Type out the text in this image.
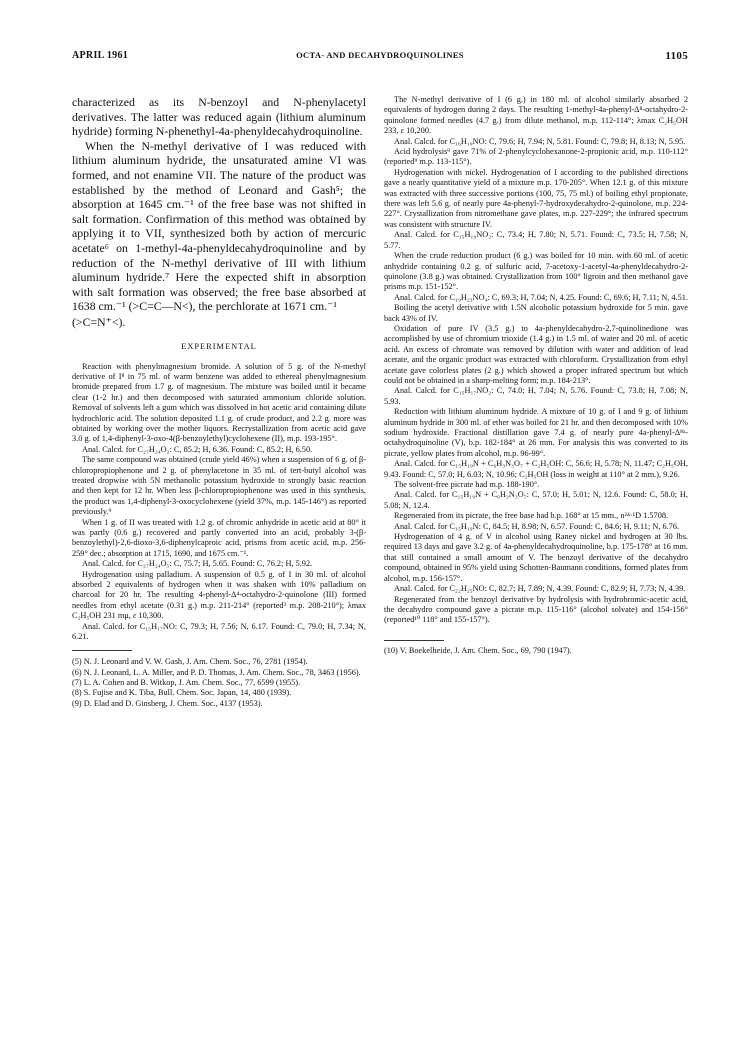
APRIL 1961	OCTA- AND DECAHYDROQUINOLINES	1105

characterized as its N-benzoyl and N-phenylacetyl derivatives. The latter was reduced again (lithium aluminum hydride) forming N-phenethyl-4a-phenyldecahydroquinoline.

When the N-methyl derivative of I was reduced with lithium aluminum hydride, the unsaturated amine VI was formed, and not enamine VII. The nature of the product was established by the method of Leonard and Gash⁵; the absorption at 1645 cm.⁻¹ of the free base was not shifted in salt formation. Confirmation of this method was obtained by applying it to VII, synthesized both by action of mercuric acetate⁶ on 1-methyl-4a-phenyldecahydroquinoline and by reduction of the N-methyl derivative of III with lithium aluminum hydride.⁷ Here the expected shift in absorption with salt formation was observed; the free base absorbed at 1638 cm.⁻¹ (>C=C—N<), the perchlorate at 1671 cm.⁻¹

(>C=N⁺<).

EXPERIMENTAL

Reaction with phenylmagnesium bromide. A solution of 5 g. of the N-methyl derivative of I⁸ in 75 ml. of warm benzene was added to ethereal phenylmagnesium bromide prepared from 1.7 g. of magnesium. The mixture was boiled until it became clear (1-2 hr.) and then decomposed with saturated ammonium chloride solution. Removal of solvents left a gum which was dissolved in hot acetic acid containing dilute hydrochloric acid. The solution deposited 1.1 g. of crude product, and 2.2 g. more was obtained by working over the mother liquors. Recrystallization from acetic acid gave 3.0 g. of 1,4-diphenyl-3-oxo-4(β-benzoylethyl)cyclohexene (II), m.p. 193-195°.

Anal. Calcd. for C₂₇H₂₄O₂: C, 85.2; H, 6.36. Found: C, 85.2; H, 6.50.

The same compound was obtained (crude yield 46%) when a suspension of 6 g. of β-chloropropiophenone and 2 g. of phenylacetone in 35 ml. of tert-butyl alcohol was treated dropwise with 5N methanolic potassium hydroxide to strongly basic reaction and then kept for 12 hr. When less β-chloropropiophenone was used in this synthesis, the product was 1,4-diphenyl-3-oxocyclohexene (yield 37%, m.p. 145-146°) as reported previously.⁹

When 1 g. of II was treated with 1.2 g. of chromic anhydride in acetic acid at 80° it was partly (0.6 g.) recovered and partly converted into an acid, probably 3-(β-benzoylethyl)-2,6-dioxo-3,6-diphenylcaproic acid, prisms from acetic acid, m.p. 256-259° dec.; absorption at 1715, 1690, and 1675 cm.⁻¹.

Anal. Calcd. for C₂₇H₂₄O₅: C, 75.7; H, 5.65. Found: C, 76.2; H, 5.92.

Hydrogenation using palladium. A suspension of 0.5 g. of I in 30 ml. of alcohol absorbed 2 equivalents of hydrogen when it was shaken with 10% palladium on charcoal for 20 hr. The resulting 4-phenyl-Δ⁴-octahydro-2-quinolone (III) formed needles from ethyl acetate (0.31 g.) m.p. 211-214° (reported³ m.p. 208-210°); λmax C₂H₅OH 231 mμ, ε 10,300.

Anal. Calcd. for C₁₅H₁₇NO: C, 79.3; H, 7.56; N, 6.17. Found: C, 79.0; H, 7.34; N, 6.21.

(5) N. J. Leonard and V. W. Gash, J. Am. Chem. Soc., 76, 2781 (1954).

(6) N. J. Leonard, L. A. Miller, and P. D. Thomas, J. Am. Chem. Soc., 78, 3463 (1956).

(7) L. A. Cohen and B. Witkop, J. Am. Chem. Soc., 77, 6599 (1955).

(8) S. Fujise and K. Tiba, Bull. Chem. Soc. Japan, 14, 480 (1939).

(9) D. Elad and D. Ginsberg, J. Chem. Soc., 4137 (1953).

The N-methyl derivative of I (6 g.) in 180 ml. of alcohol similarly absorbed 2 equivalents of hydrogen during 2 days. The resulting 1-methyl-4a-phenyl-Δ⁸-octahydro-2-quinolone formed needles (4.7 g.) from dilute methanol, m.p. 112-114°; λmax C₂H₅OH 233, ε 10,200.

Anal. Calcd. for C₁₆H₁₉NO: C, 79.6; H, 7.94; N, 5.81. Found: C, 79.8; H, 8.13; N, 5.95.

Acid hydrolysis⁹ gave 71% of 2-phenylcyclohexanone-2-propionic acid, m.p. 110-112° (reported⁹ m.p. 113-115°).

Hydrogenation with nickel. Hydrogenation of I according to the published directions gave a nearly quantitative yield of a mixture m.p. 170-205°. When 12.1 g. of this mixture was extracted with three successive portions (100, 75, 75 ml.) of boiling ethyl propionate, there was left 5.6 g. of nearly pure 4a-phenyl-7-hydroxydecahydro-2-quinolone, m.p. 224-227°. Crystallization from nitromethane gave plates, m.p. 227-229°; the infrared spectrum was consistent with structure IV.

Anal. Calcd. for C₁₅H₁₉NO₂: C, 73.4; H, 7.80; N, 5.71. Found: C, 73.5; H, 7.58; N, 5.77.

When the crude reduction product (6 g.) was boiled for 10 min. with 60 ml. of acetic anhydride containing 0.2 g. of sulfuric acid, 7-acetoxy-1-acetyl-4a-phenyldecahydro-2-quinolone (3.8 g.) was obtained. Crystallization from 100° ligroin and then methanol gave prisms m.p. 151-152°.

Anal. Calcd. for C₁₉H₂₃NO₄: C, 69.3; H, 7.04; N, 4.25. Found: C, 69.6; H, 7.11; N, 4.51.

Boiling the acetyl derivative with 1.5N alcoholic potassium hydroxide for 5 min. gave back 43% of IV.

Oxidation of pure IV (3.5 g.) to 4a-phenyldecahydro-2,7-quinolinedione was accomplished by use of chromium trioxide (1.4 g.) in 1.5 ml. of water and 20 ml. of acetic acid. An excess of chromate was removed by dilution with water and addition of lead acetate, and the organic product was extracted with chloroform. Crystallization from ethyl acetate gave colorless plates (2 g.) which showed a proper infrared spectrum but which could not be obtained in a sharp-melting form; m.p. 184-213°.

Anal. Calcd. for C₁₅H₁₇NO₂: C, 74.0; H, 7.04; N, 5.76. Found: C, 73.8; H, 7.08; N, 5.93.

Reduction with lithium aluminum hydride. A mixture of 10 g. of I and 9 g. of lithium aluminum hydride in 300 ml. of ether was boiled for 21 hr. and then decomposed with 10% sodium hydroxide. Fractional distillation gave 7.4 g. of nearly pure 4a-phenyl-Δ⁸ᵃ-octahydroquinoline (V), b.p. 182-184° at 26 mm. For analysis this was converted to its picrate, yellow plates from alcohol, m.p. 96-99°.

Anal. Calcd. for C₁₅H₁₉N + C₆H₃N₃O₇ + C₂H₅OH: C, 56.6; H, 5.78; N, 11.47; C₂H₅OH, 9.43. Found: C, 57.0; H, 6.03; N, 10.96; C₂H₅OH (loss in weight at 110° at 2 mm.), 9.26.

The solvent-free picrate had m.p. 188-190°.

Anal. Calcd. for C₁₅H₁₉N + C₆H₃N₃O₇: C, 57.0; H, 5.01; N, 12.6. Found: C, 58.0; H, 5.08; N, 12.4.

Regenerated from its picrate, the free base had b.p. 168° at 15 mm., n²⁴·¹D 1.5708.

Anal. Calcd. for C₁₅H₁₉N: C, 84.5; H, 8.98; N, 6.57. Found: C, 84.6; H, 9.11; N, 6.76.

Hydrogenation of 4 g. of V in alcohol using Raney nickel and hydrogen at 30 lbs. required 13 days and gave 3.2 g. of 4a-phenyldecahydroquinoline, b.p. 175-178° at 16 mm. that still contained a small amount of V. The benzoyl derivative of the decahydro compound, obtained in 95% yield using Schotten-Baumann conditions, formed plates from alcohol, m.p. 156-157°.

Anal. Calcd. for C₂₂H₂₅NO: C, 82.7; H, 7.89; N, 4.39. Found: C, 82.9; H, 7.73; N, 4.39.

Regenerated from the benzoyl derivative by hydrolysis with hydrobromic-acetic acid, the decahydro compound gave a picrate m.p. 115-116° (alcohol solvate) and 154-156° (reported¹⁰ 118° and 155-157°).

(10) V. Boekelheide, J. Am. Chem. Soc., 69, 790 (1947).
